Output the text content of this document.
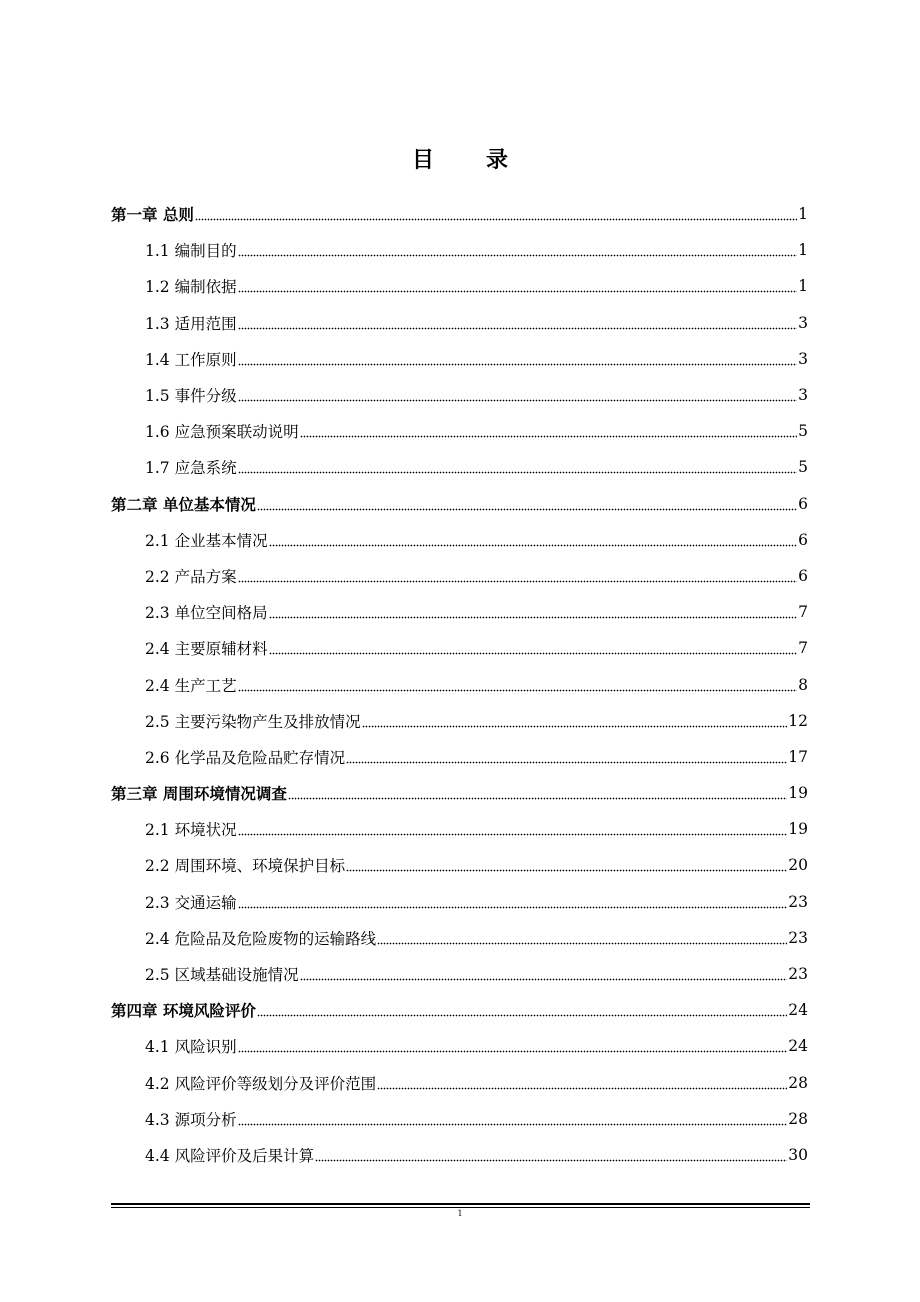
目 录
第一章 总则	1
1.1 编制目的	1
1.2 编制依据	1
1.3 适用范围	3
1.4 工作原则	3
1.5 事件分级	3
1.6 应急预案联动说明	5
1.7 应急系统	5
第二章 单位基本情况	6
2.1 企业基本情况	6
2.2 产品方案	6
2.3 单位空间格局	7
2.4 主要原辅材料	7
2.4 生产工艺	8
2.5 主要污染物产生及排放情况	12
2.6 化学品及危险品贮存情况	17
第三章 周围环境情况调查	19
2.1 环境状况	19
2.2 周围环境、环境保护目标	20
2.3 交通运输	23
2.4 危险品及危险废物的运输路线	23
2.5 区域基础设施情况	23
第四章 环境风险评价	24
4.1 风险识别	24
4.2 风险评价等级划分及评价范围	28
4.3 源项分析	28
4.4 风险评价及后果计算	30
1
